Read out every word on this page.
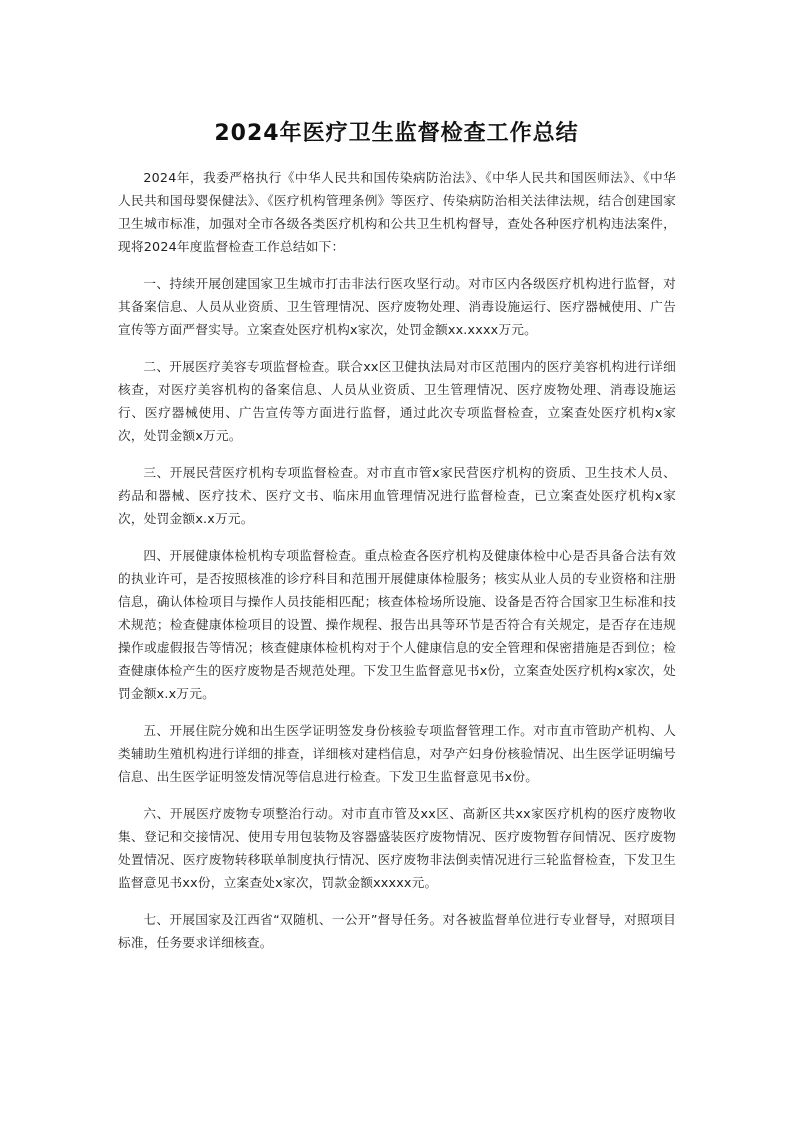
2024年医疗卫生监督检查工作总结

2024年，我委严格执行《中华人民共和国传染病防治法》、《中华人民共和国医师法》、《中华人民共和国母婴保健法》、《医疗机构管理条例》等医疗、传染病防治相关法律法规，结合创建国家卫生城市标准，加强对全市各级各类医疗机构和公共卫生机构督导，查处各种医疗机构违法案件，现将2024年度监督检查工作总结如下：

一、持续开展创建国家卫生城市打击非法行医攻坚行动。对市区内各级医疗机构进行监督，对其备案信息、人员从业资质、卫生管理情况、医疗废物处理、消毒设施运行、医疗器械使用、广告宣传等方面严督实导。立案查处医疗机构x家次，处罚金额xx.xxxx万元。

二、开展医疗美容专项监督检查。联合xx区卫健执法局对市区范围内的医疗美容机构进行详细核查，对医疗美容机构的备案信息、人员从业资质、卫生管理情况、医疗废物处理、消毒设施运行、医疗器械使用、广告宣传等方面进行监督，通过此次专项监督检查，立案查处医疗机构x家次，处罚金额x万元。

三、开展民营医疗机构专项监督检查。对市直市管x家民营医疗机构的资质、卫生技术人员、药品和器械、医疗技术、医疗文书、临床用血管理情况进行监督检查，已立案查处医疗机构x家次，处罚金额x.x万元。

四、开展健康体检机构专项监督检查。重点检查各医疗机构及健康体检中心是否具备合法有效的执业许可，是否按照核准的诊疗科目和范围开展健康体检服务；核实从业人员的专业资格和注册信息，确认体检项目与操作人员技能相匹配；核查体检场所设施、设备是否符合国家卫生标准和技术规范；检查健康体检项目的设置、操作规程、报告出具等环节是否符合有关规定，是否存在违规操作或虚假报告等情况；核查健康体检机构对于个人健康信息的安全管理和保密措施是否到位；检查健康体检产生的医疗废物是否规范处理。下发卫生监督意见书x份，立案查处医疗机构x家次，处罚金额x.x万元。

五、开展住院分娩和出生医学证明签发身份核验专项监督管理工作。对市直市管助产机构、人类辅助生殖机构进行详细的排查，详细核对建档信息，对孕产妇身份核验情况、出生医学证明编号信息、出生医学证明签发情况等信息进行检查。下发卫生监督意见书x份。

六、开展医疗废物专项整治行动。对市直市管及xx区、高新区共xx家医疗机构的医疗废物收集、登记和交接情况、使用专用包装物及容器盛装医疗废物情况、医疗废物暂存间情况、医疗废物处置情况、医疗废物转移联单制度执行情况、医疗废物非法倒卖情况进行三轮监督检查，下发卫生监督意见书xx份，立案查处x家次，罚款金额xxxxx元。

七、开展国家及江西省“双随机、一公开”督导任务。对各被监督单位进行专业督导，对照项目标准，任务要求详细核查。
